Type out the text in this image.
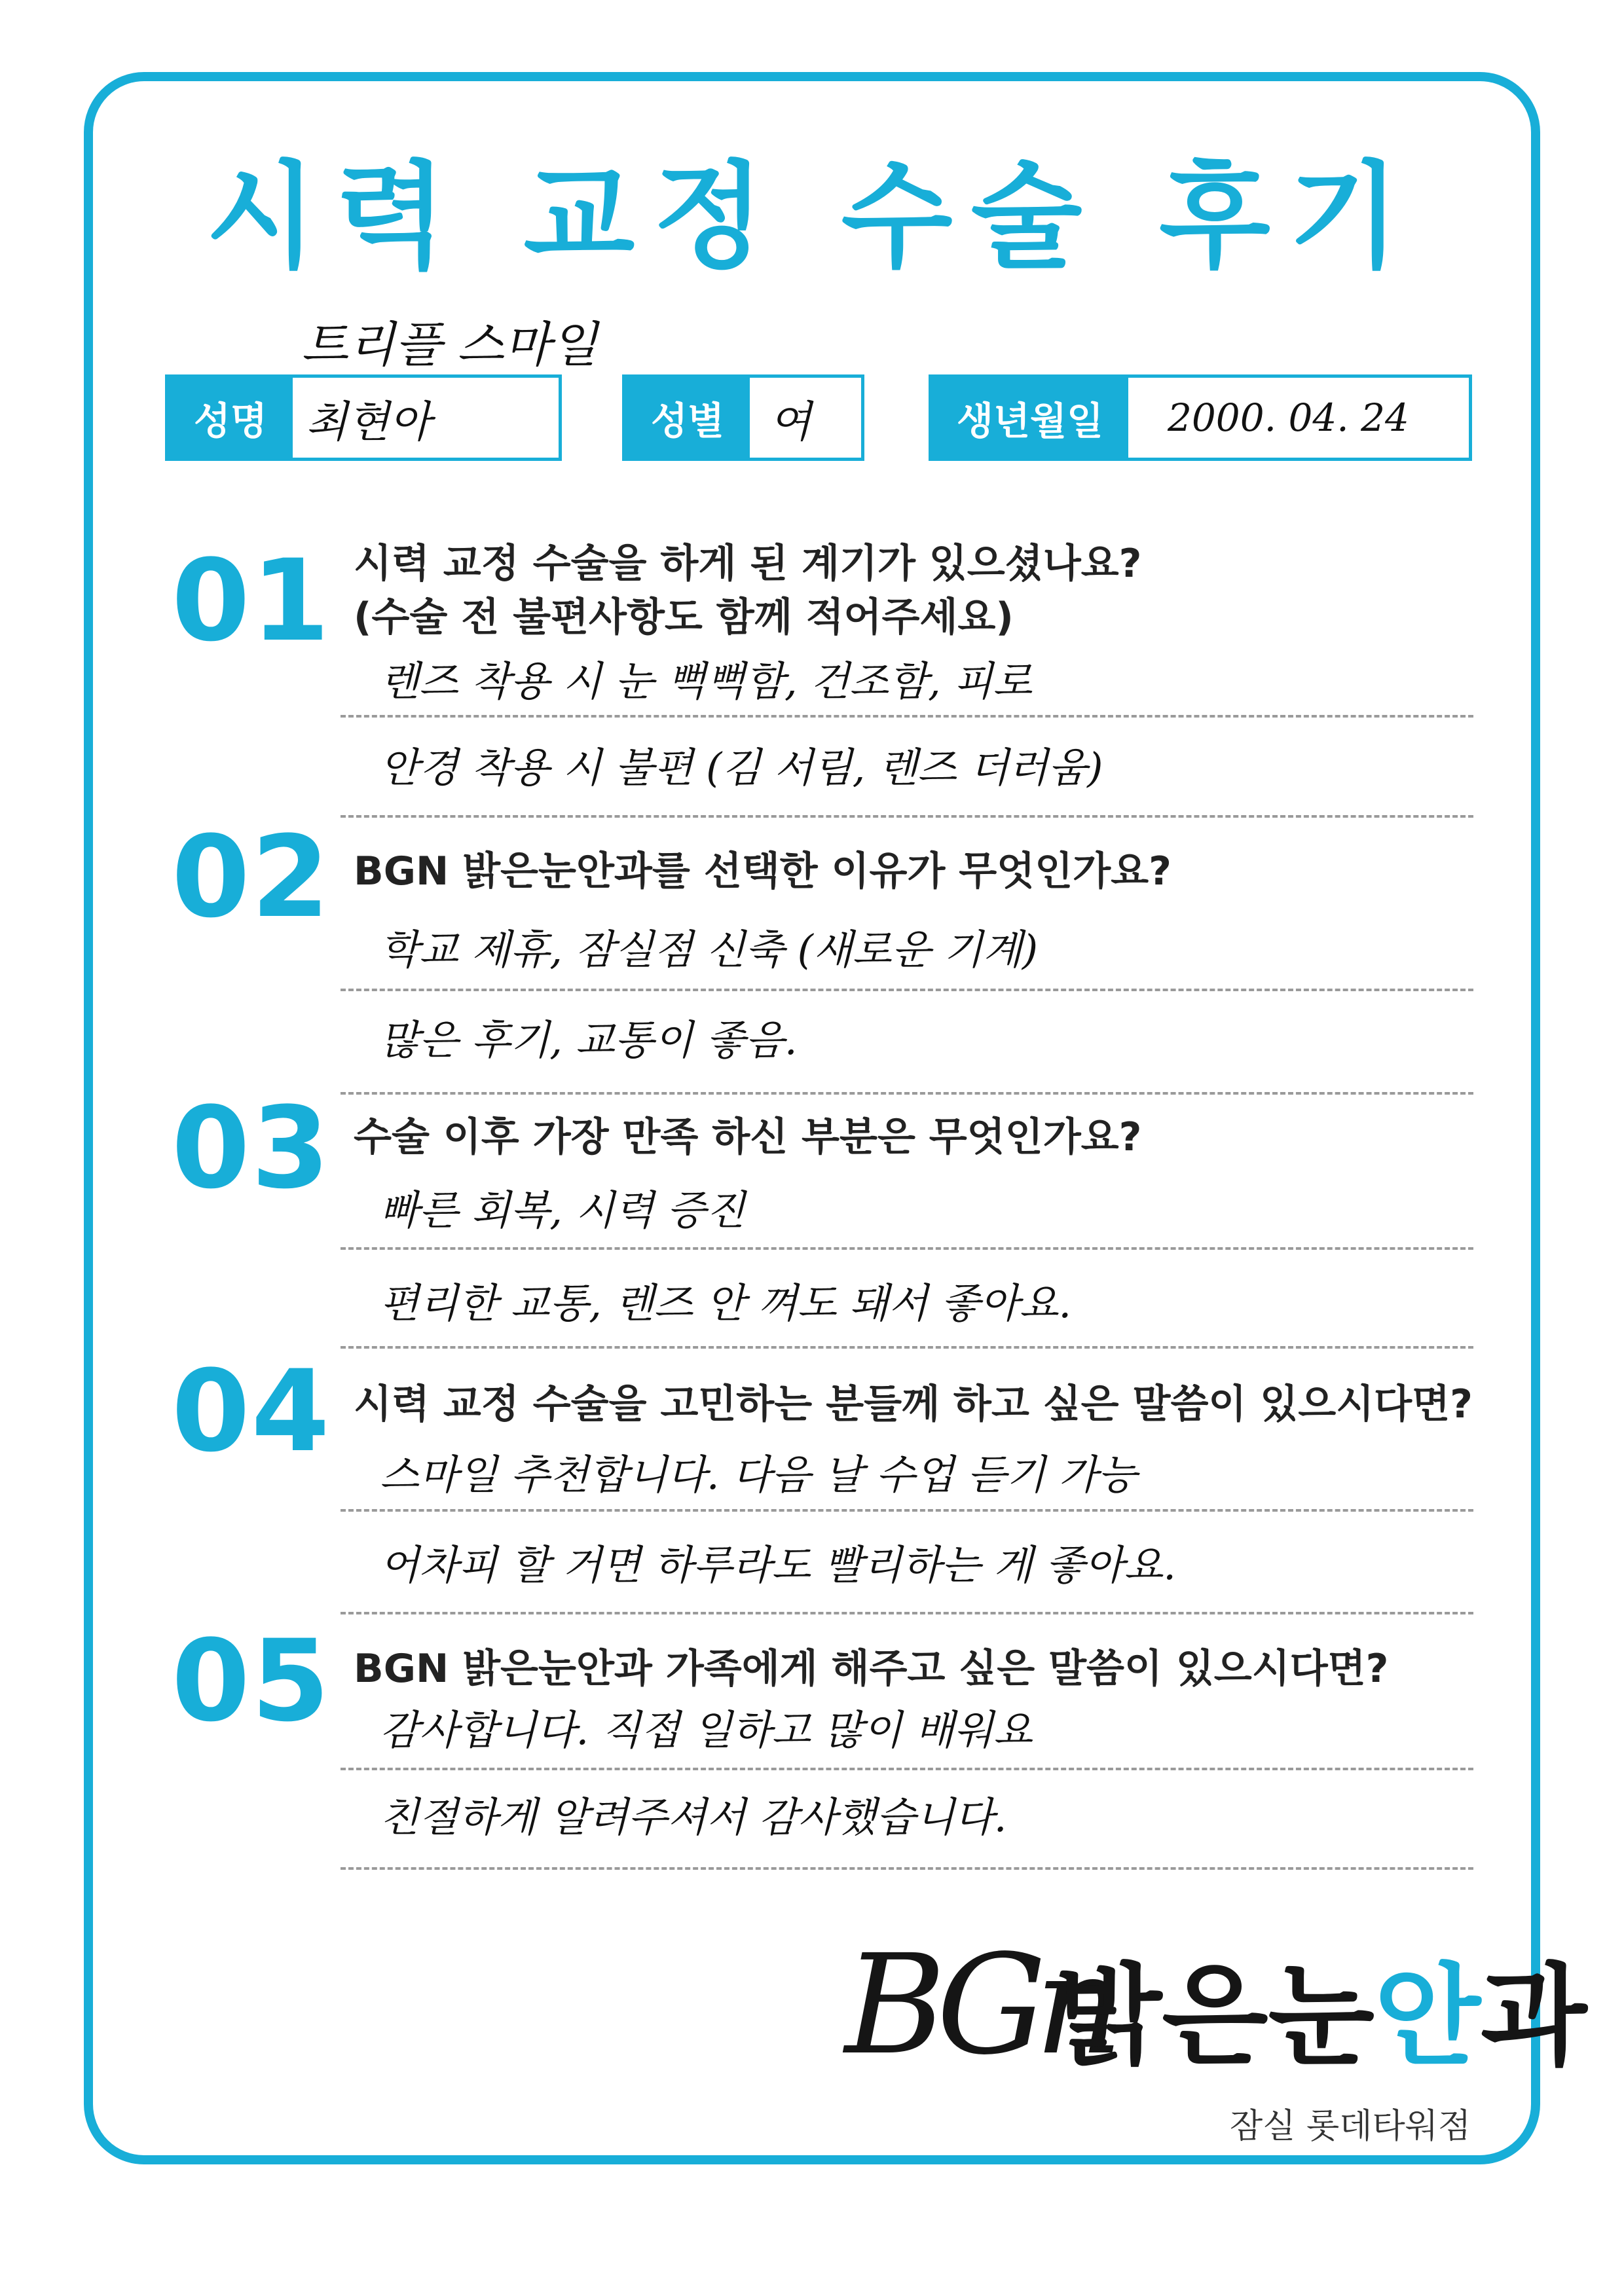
시력 교정 수술 후기
트리플 스마일
성명 최현아	성별	여	생년월일	2000. 04. 24
01 시력 교정 수술을 하게 된 계기가 있으셨나요?
(수술 전 불편사항도 함께 적어주세요)
렌즈 착용 시 눈 뻑뻑함, 건조함, 피로
안경 착용 시 불편 (김 서림, 렌즈 더러움)
02 BGN 밝은눈안과를 선택한 이유가 무엇인가요?
학교 제휴, 잠실점 신축 (새로운 기계)
많은 후기, 교통이 좋음.
03 수술 이후 가장 만족 하신 부분은 무엇인가요?
빠른 회복, 시력 증진
편리한 교통, 렌즈 안 껴도 돼서 좋아요.
04 시력 교정 수술을 고민하는 분들께 하고 싶은 말씀이 있으시다면?
스마일 추천합니다. 다음 날 수업 듣기 가능
어차피 할 거면 하루라도 빨리하는 게 좋아요.
05 BGN 밝은눈안과 가족에게 해주고 싶은 말씀이 있으시다면?
감사합니다. 직접 일하고 많이 배워요
친절하게 알려주셔서 감사했습니다.
BGn
밝은눈안과
잠실 롯데타워점
